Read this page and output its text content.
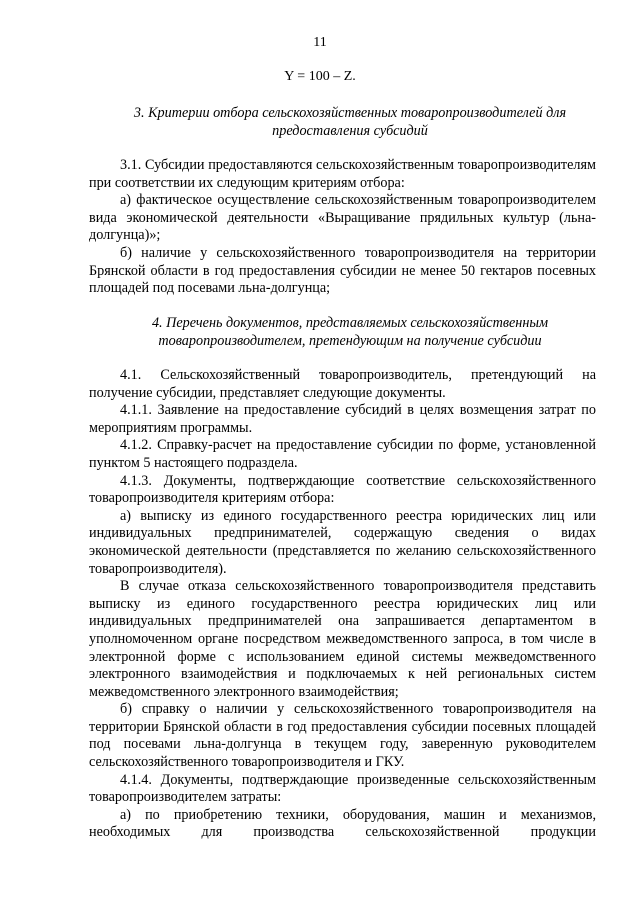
11
Y = 100 – Z.
3. Критерии отбора сельскохозяйственных товаропроизводителей для предоставления субсидий

3.1. Субсидии предоставляются сельскохозяйственным товаропроизводителям при соответствии их следующим критериям отбора:

а) фактическое осуществление сельскохозяйственным товаропроизводителем вида экономической деятельности «Выращивание прядильных культур (льна-долгунца)»;

б) наличие у сельскохозяйственного товаропроизводителя на территории Брянской области в год предоставления субсидии не менее 50 гектаров посевных площадей под посевами льна-долгунца;

4. Перечень документов, представляемых сельскохозяйственным товаропроизводителем, претендующим на получение субсидии

4.1. Сельскохозяйственный товаропроизводитель, претендующий на получение субсидии, представляет следующие документы.

4.1.1. Заявление на предоставление субсидий в целях возмещения затрат по мероприятиям программы.

4.1.2. Справку-расчет на предоставление субсидии по форме, установленной пунктом 5 настоящего подраздела.

4.1.3. Документы, подтверждающие соответствие сельскохозяйственного товаропроизводителя критериям отбора:

а) выписку из единого государственного реестра юридических лиц или индивидуальных предпринимателей, содержащую сведения о видах экономической деятельности (представляется по желанию сельскохозяйственного товаропроизводителя).

В случае отказа сельскохозяйственного товаропроизводителя представить выписку из единого государственного реестра юридических лиц или индивидуальных предпринимателей она запрашивается департаментом в уполномоченном органе посредством межведомственного запроса, в том числе в электронной форме с использованием единой системы межведомственного электронного взаимодействия и подключаемых к ней региональных систем межведомственного электронного взаимодействия;

б) справку о наличии у сельскохозяйственного товаропроизводителя на территории Брянской области в год предоставления субсидии посевных площадей под посевами льна-долгунца в текущем году, заверенную руководителем сельскохозяйственного товаропроизводителя и ГКУ.

4.1.4. Документы, подтверждающие произведенные сельскохозяйственным товаропроизводителем затраты:

а) по приобретению техники, оборудования, машин и механизмов, необходимых для производства сельскохозяйственной продукции
